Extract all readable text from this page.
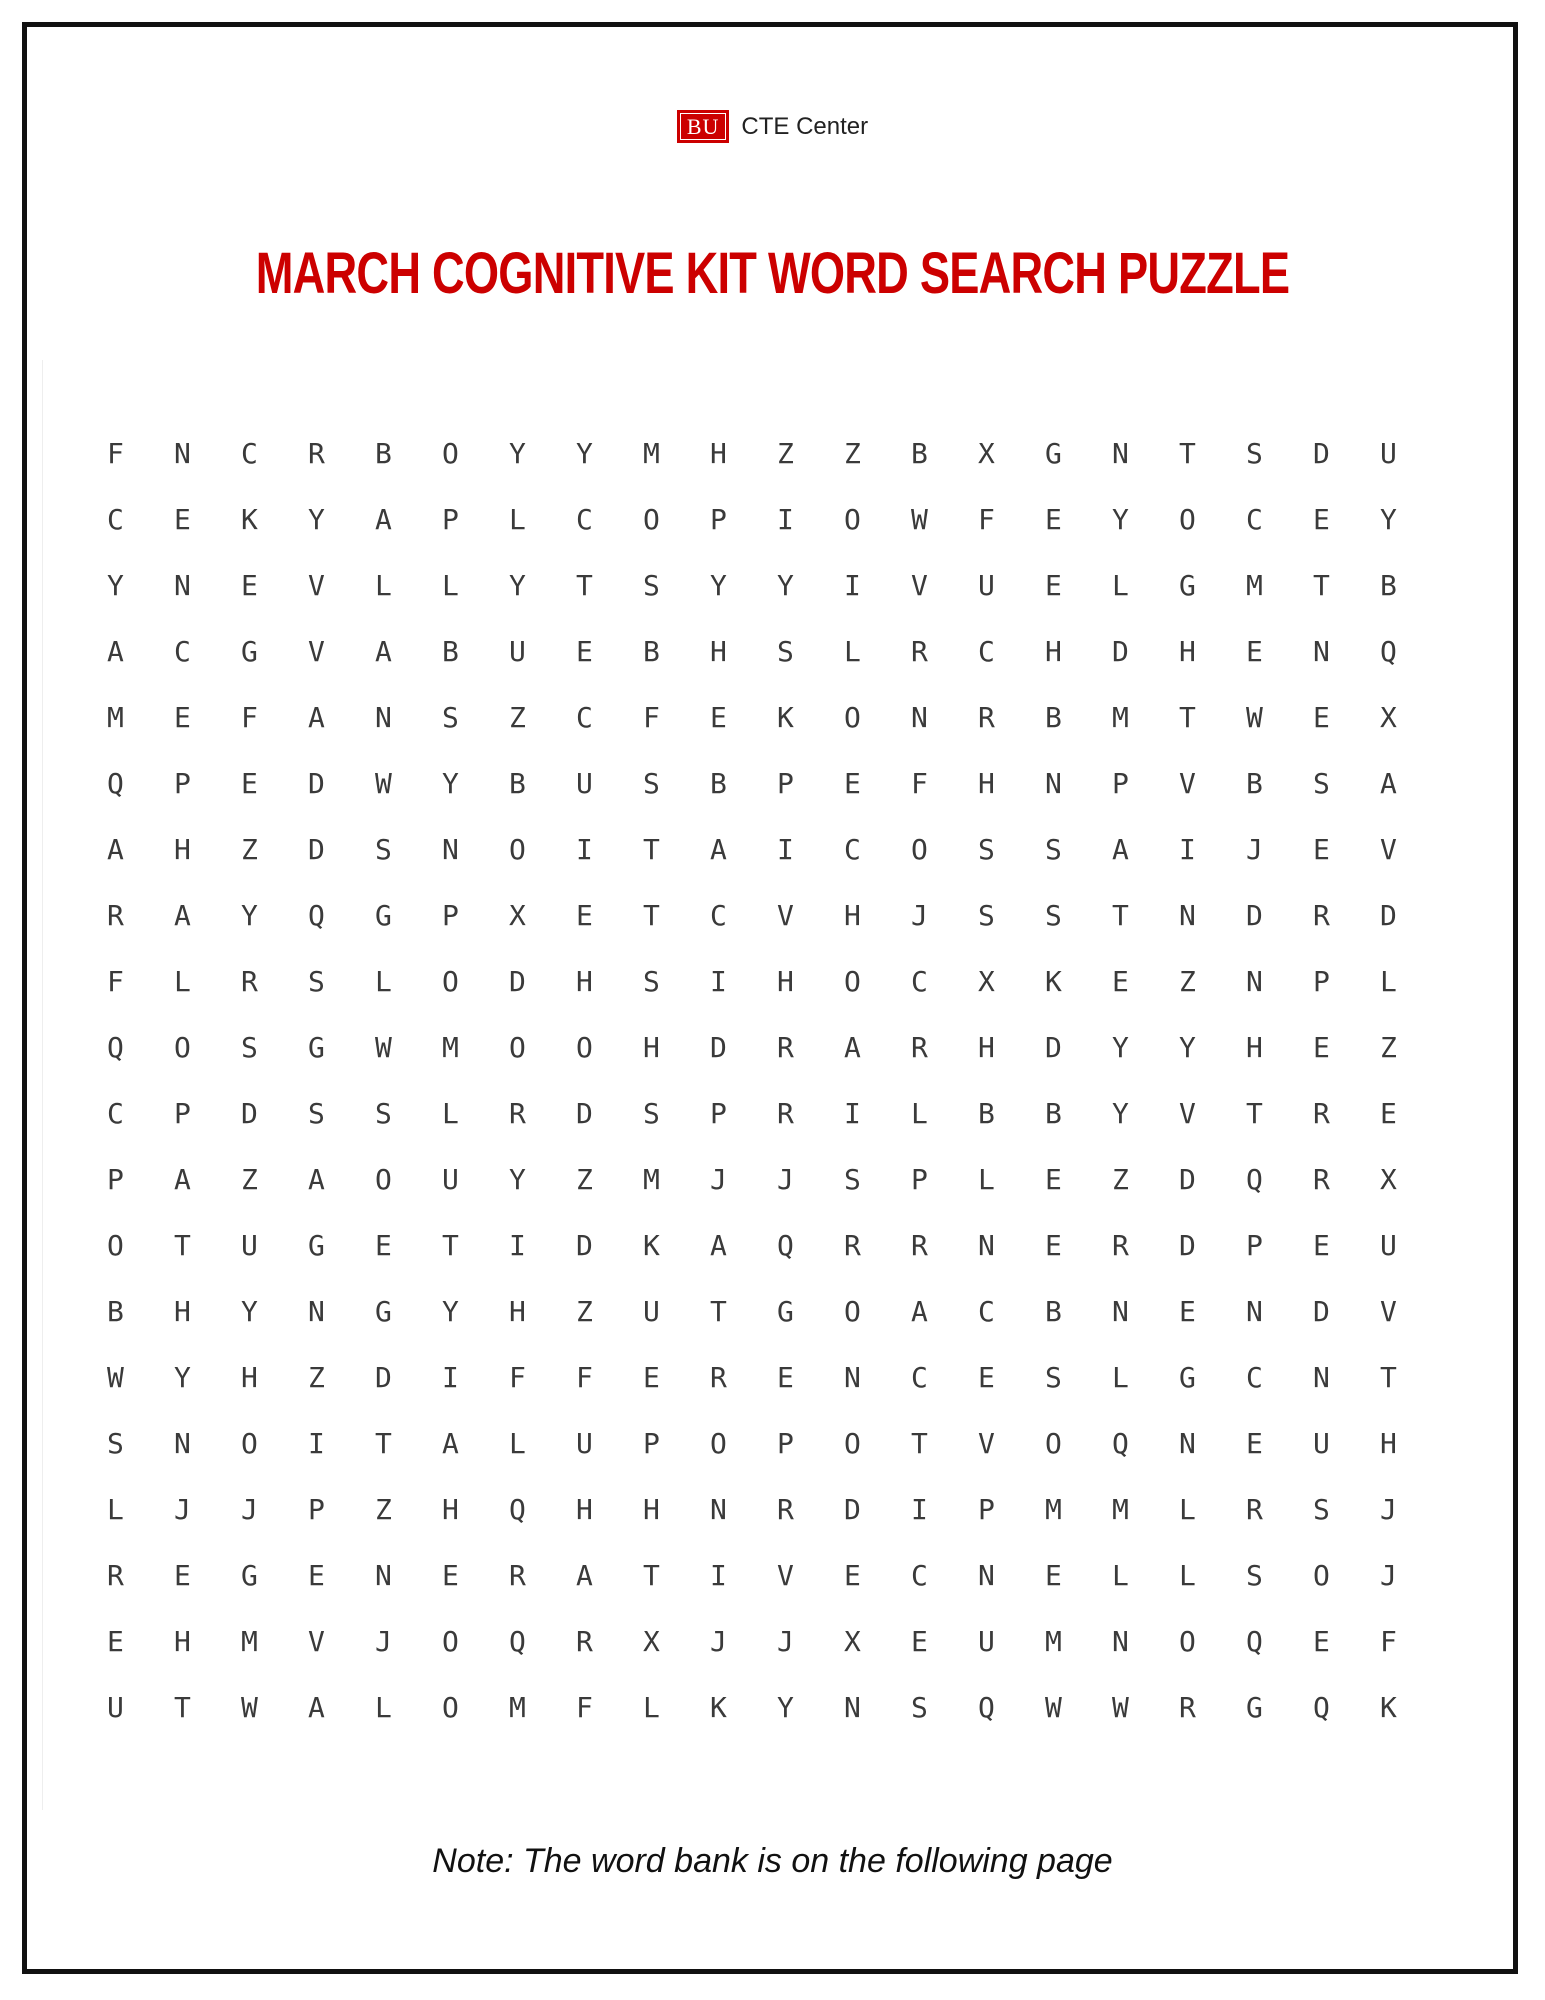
BU CTE Center
MARCH COGNITIVE KIT WORD SEARCH PUZZLE
F	N	C	R	B	O	Y	Y	M	H	Z	Z	B	X	G	N	T	S	D	U
C	E	K	Y	A	P	L	C	O	P	I	O	W	F	E	Y	O	C	E	Y
Y	N	E	V	L	L	Y	T	S	Y	Y	I	V	U	E	L	G	M	T	B
A	C	G	V	A	B	U	E	B	H	S	L	R	C	H	D	H	E	N	Q
M	E	F	A	N	S	Z	C	F	E	K	O	N	R	B	M	T	W	E	X
Q	P	E	D	W	Y	B	U	S	B	P	E	F	H	N	P	V	B	S	A
A	H	Z	D	S	N	O	I	T	A	I	C	O	S	S	A	I	J	E	V
R	A	Y	Q	G	P	X	E	T	C	V	H	J	S	S	T	N	D	R	D
F	L	R	S	L	O	D	H	S	I	H	O	C	X	K	E	Z	N	P	L
Q	O	S	G	W	M	O	O	H	D	R	A	R	H	D	Y	Y	H	E	Z
C	P	D	S	S	L	R	D	S	P	R	I	L	B	B	Y	V	T	R	E
P	A	Z	A	O	U	Y	Z	M	J	J	S	P	L	E	Z	D	Q	R	X
O	T	U	G	E	T	I	D	K	A	Q	R	R	N	E	R	D	P	E	U
B	H	Y	N	G	Y	H	Z	U	T	G	O	A	C	B	N	E	N	D	V
W	Y	H	Z	D	I	F	F	E	R	E	N	C	E	S	L	G	C	N	T
S	N	O	I	T	A	L	U	P	O	P	O	T	V	O	Q	N	E	U	H
L	J	J	P	Z	H	Q	H	H	N	R	D	I	P	M	M	L	R	S	J
R	E	G	E	N	E	R	A	T	I	V	E	C	N	E	L	L	S	O	J
E	H	M	V	J	O	Q	R	X	J	J	X	E	U	M	N	O	Q	E	F
U	T	W	A	L	O	M	F	L	K	Y	N	S	Q	W	W	R	G	Q	K
Note: The word bank is on the following page
